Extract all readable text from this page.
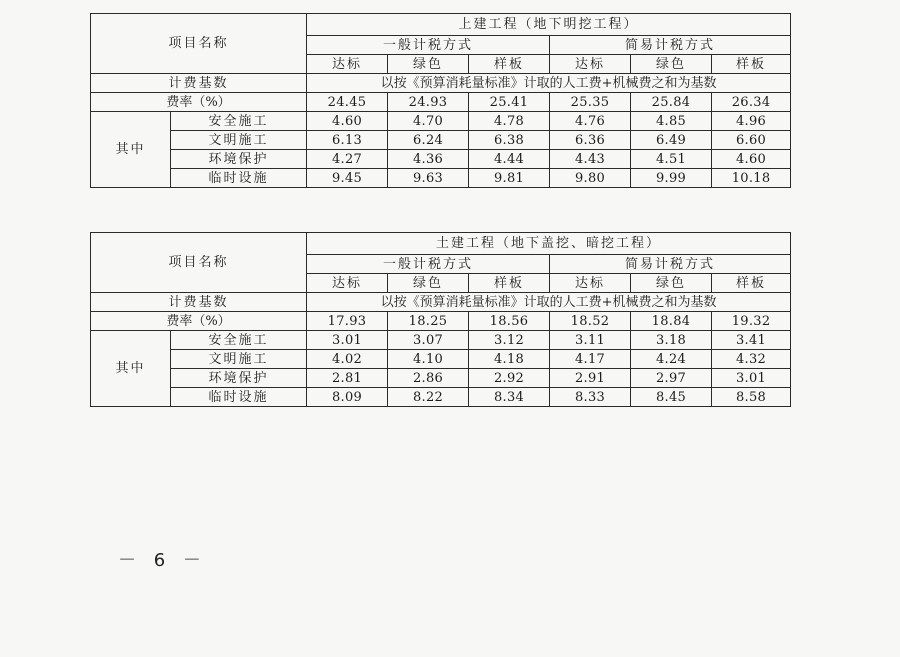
项目名称		上建工程（地下明挖工程）					
		一般计税方式			简易计税方式		
		达标	绿色	样板	达标	绿色	样板
计费基数		以按《预算消耗量标准》计取的人工费+机械费之和为基数					
费率（%）		24.45	24.93	25.41	25.35	25.84	26.34
其中	安全施工	4.60	4.70	4.78	4.76	4.85	4.96
	文明施工	6.13	6.24	6.38	6.36	6.49	6.60
	环境保护	4.27	4.36	4.44	4.43	4.51	4.60
	临时设施	9.45	9.63	9.81	9.80	9.99	10.18
项目名称		土建工程（地下盖挖、暗挖工程）					
		一般计税方式			简易计税方式		
		达标	绿色	样板	达标	绿色	样板
计费基数		以按《预算消耗量标准》计取的人工费+机械费之和为基数					
费率（%）		17.93	18.25	18.56	18.52	18.84	19.32
其中	安全施工	3.01	3.07	3.12	3.11	3.18	3.41
	文明施工	4.02	4.10	4.18	4.17	4.24	4.32
	环境保护	2.81	2.86	2.92	2.91	2.97	3.01
	临时设施	8.09	8.22	8.34	8.33	8.45	8.58
－ 6 －
